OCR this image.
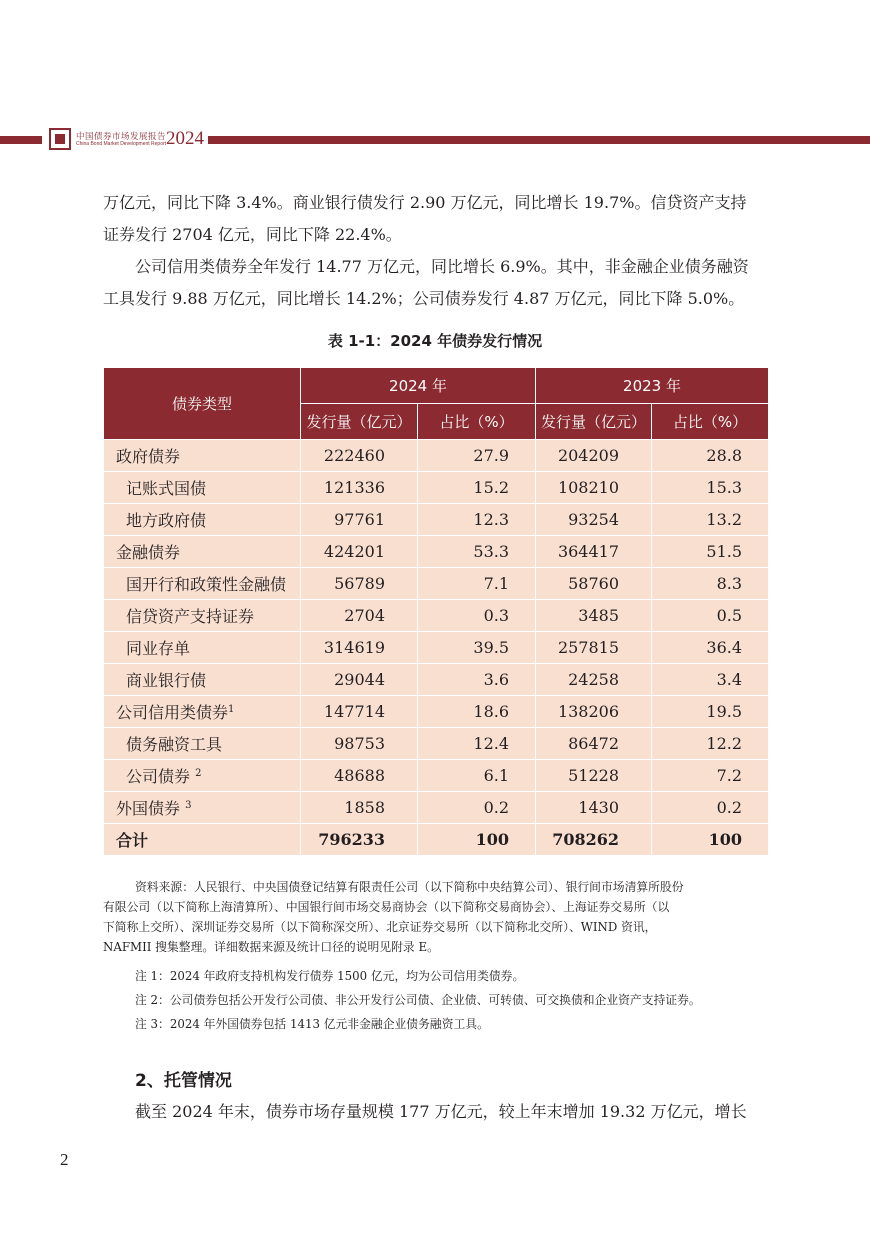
中国债券市场发展报告
China Bond Market Development Report 2024
万亿元，同比下降 3.4%。商业银行债发行 2.90 万亿元，同比增长 19.7%。信贷资产支持
证券发行 2704 亿元，同比下降 22.4%。
公司信用类债券全年发行 14.77 万亿元，同比增长 6.9%。其中，非金融企业债务融资
工具发行 9.88 万亿元，同比增长 14.2%；公司债券发行 4.87 万亿元，同比下降 5.0%。
表 1-1：2024 年债券发行情况
债券类型	2024 年		2023 年	
	发行量（亿元）	占比（%）	发行量（亿元）	占比（%）
政府债券	222460	27.9	204209	28.8
记账式国债	121336	15.2	108210	15.3
地方政府债	97761	12.3	93254	13.2
金融债券	424201	53.3	364417	51.5
国开行和政策性金融债	56789	7.1	58760	8.3
信贷资产支持证券	2704	0.3	3485	0.5
同业存单	314619	39.5	257815	36.4
商业银行债	29044	3.6	24258	3.4
公司信用类债券$^1$	147714	18.6	138206	19.5
债务融资工具	98753	12.4	86472	12.2
公司债券 $^2$	48688	6.1	51228	7.2
外国债券 $^3$	1858	0.2	1430	0.2
合计	796233	100	708262	100
资料来源：人民银行、中央国债登记结算有限责任公司（以下简称中央结算公司）、银行间市场清算所股份
有限公司（以下简称上海清算所）、中国银行间市场交易商协会（以下简称交易商协会）、上海证券交易所（以
下简称上交所）、深圳证券交易所（以下简称深交所）、北京证券交易所（以下简称北交所）、WIND 资讯，
NAFMII 搜集整理。详细数据来源及统计口径的说明见附录 E。
注 1：2024 年政府支持机构发行债券 1500 亿元，均为公司信用类债券。
注 2：公司债券包括公开发行公司债、非公开发行公司债、企业债、可转债、可交换债和企业资产支持证券。
注 3：2024 年外国债券包括 1413 亿元非金融企业债务融资工具。
2、托管情况
截至 2024 年末，债券市场存量规模 177 万亿元，较上年末增加 19.32 万亿元，增长
2
